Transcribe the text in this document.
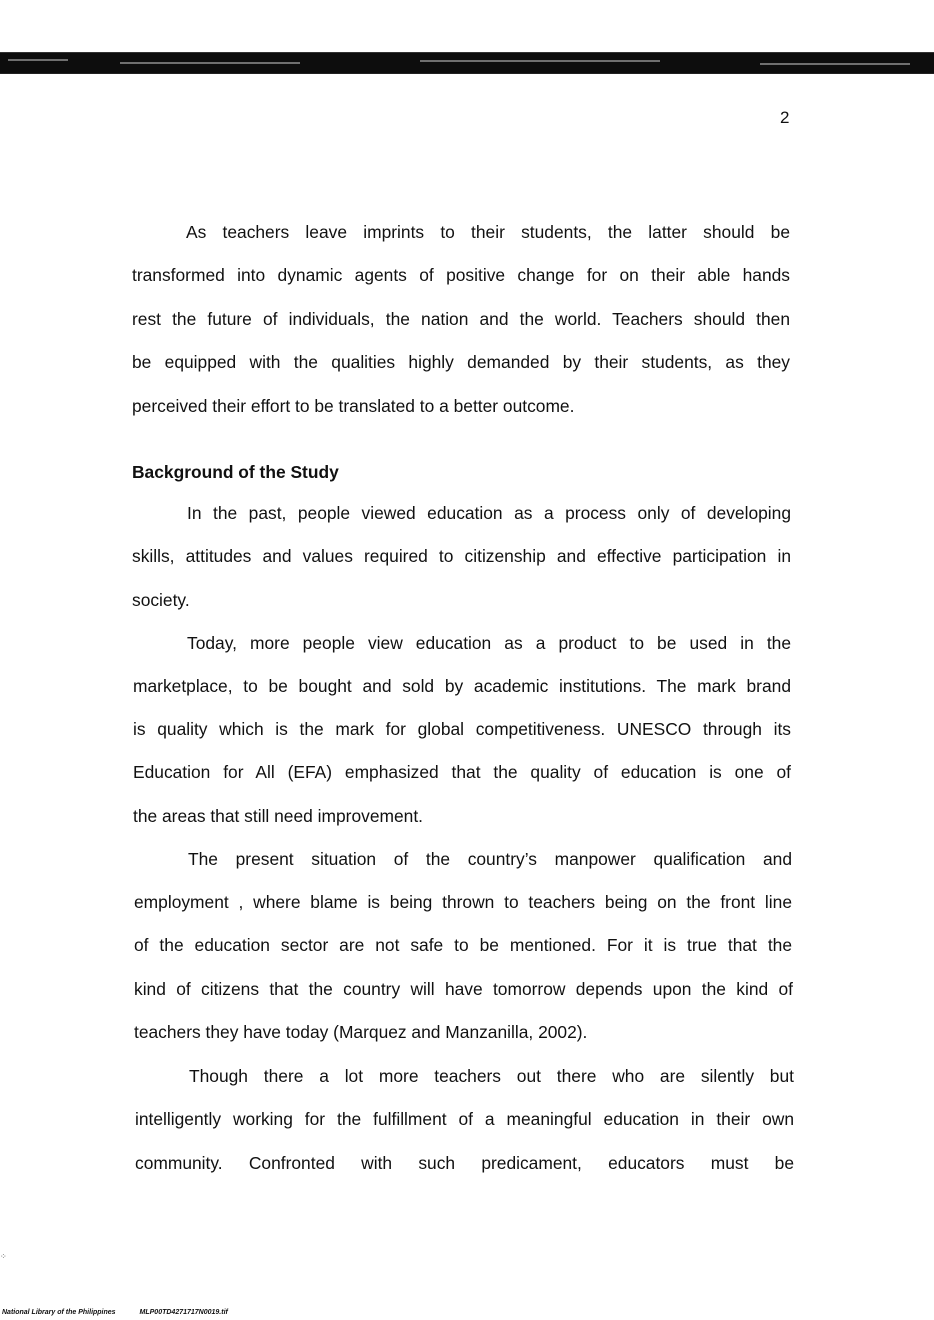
2
As teachers leave imprints to their students, the latter should be
transformed into dynamic agents of positive change for on their able hands
rest the future of individuals, the nation and the world. Teachers should then
be equipped with the qualities highly demanded by their students, as they
perceived their effort to be translated to a better outcome.
Background of the Study
In the past, people viewed education as a process only of developing
skills, attitudes and values required to citizenship and effective participation in
society.
Today, more people view education as a product to be used in the
marketplace, to be bought and sold by academic institutions. The mark brand
is quality which is the mark for global competitiveness. UNESCO through its
Education for All (EFA) emphasized that the quality of education is one of
the areas that still need improvement.
The present situation of the country’s manpower qualification and
employment , where blame is being thrown to teachers being on the front line
of the education sector are not safe to be mentioned. For it is true that the
kind of citizens that the country will have tomorrow depends upon the kind of
teachers they have today (Marquez and Manzanilla, 2002).
Though there a lot more teachers out there who are silently but
intelligently working for the fulfillment of a meaningful education in their own
community. Confronted with such predicament, educators must be
⁘
National Library of the Philippines	MLP00TD4271717N0019.tif
